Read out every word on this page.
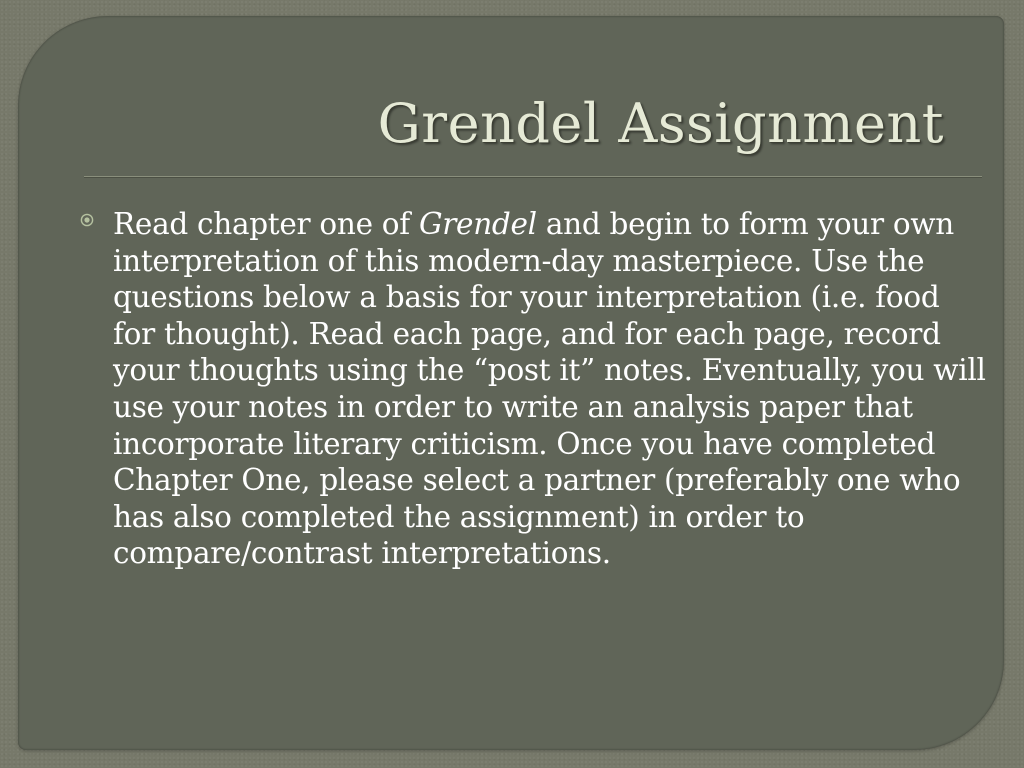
Grendel Assignment

Read chapter one of Grendel and begin to form your own interpretation of this modern-day masterpiece. Use the questions below a basis for your interpretation (i.e. food for thought). Read each page, and for each page, record your thoughts using the “post it” notes. Eventually, you will use your notes in order to write an analysis paper that incorporate literary criticism. Once you have completed Chapter One, please select a partner (preferably one who has also completed the assignment) in order to compare/contrast interpretations.
